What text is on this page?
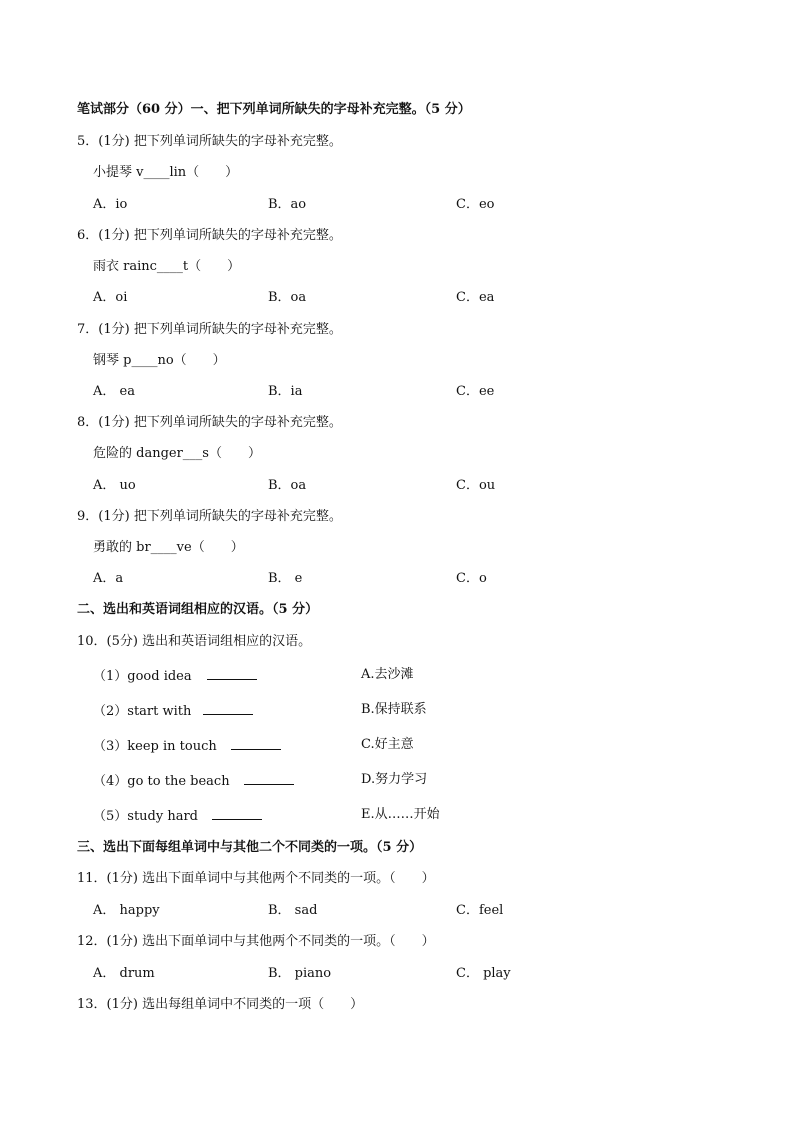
笔试部分（60 分）一、把下列单词所缺失的字母补充完整。（5 分）
5．(1分) 把下列单词所缺失的字母补充完整。
小提琴 v____lin（　　）
A．io	B．ao	C．eo
6．(1分) 把下列单词所缺失的字母补充完整。
雨衣 rainc____t（　　）
A．oi	B．oa	C．ea
7．(1分) 把下列单词所缺失的字母补充完整。
钢琴 p____no（　　）
A． ea	B．ia	C．ee
8．(1分) 把下列单词所缺失的字母补充完整。
危险的 danger___s（　　）
A． uo	B．oa	C．ou
9．(1分) 把下列单词所缺失的字母补充完整。
勇敢的 br____ve（　　）
A．a	B． e	C．o
二、选出和英语词组相应的汉语。（5 分）
10．(5分) 选出和英语词组相应的汉语。
（1）good idea	A.去沙滩
（2）start with	B.保持联系
（3）keep in touch	C.好主意
（4）go to the beach	D.努力学习
（5）study hard	E.从……开始
三、选出下面每组单词中与其他二个不同类的一项。（5 分）
11．(1分) 选出下面单词中与其他两个不同类的一项。（　　）
A． happy	B． sad	C．feel
12．(1分) 选出下面单词中与其他两个不同类的一项。（　　）
A． drum	B． piano	C． play
13．(1分) 选出每组单词中不同类的一项（　　）
